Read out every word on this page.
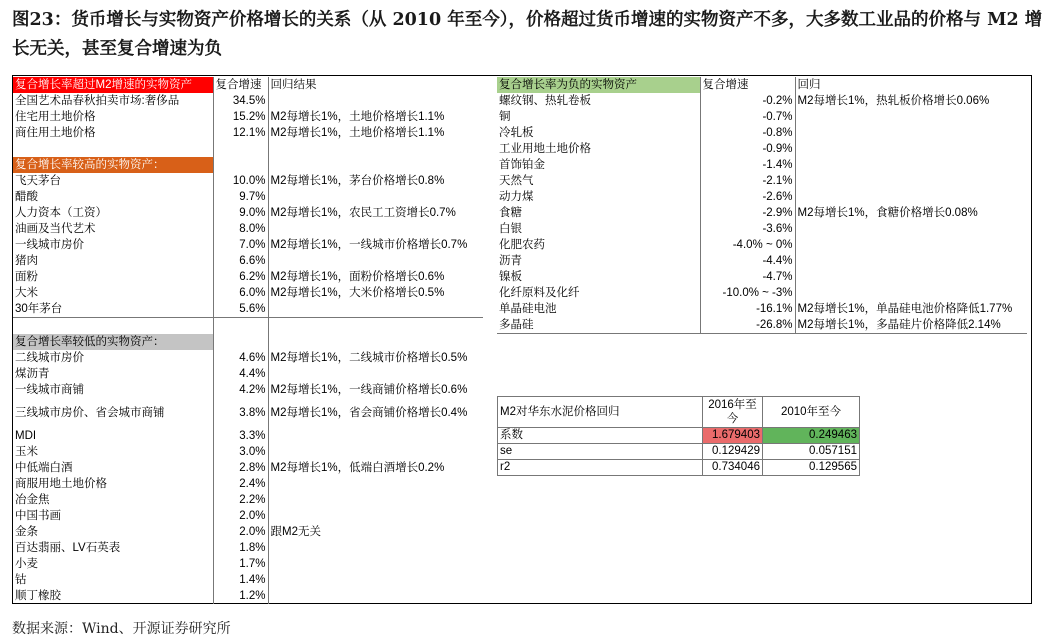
图23：货币增长与实物资产价格增长的关系（从 2010 年至今），价格超过货币增速的实物资产不多，大多数工业品的价格与 M2 增长无关，甚至复合增速为负
复合增长率超过M2增速的实物资产	复合增速	回归结果
全国艺术品春秋拍卖市场:奢侈品	34.5%	
住宅用土地价格	15.2%	M2每增长1%，土地价格增长1.1%
商住用土地价格	12.1%	M2每增长1%，土地价格增长1.1%

复合增长率较高的实物资产：		
飞天茅台	10.0%	M2每增长1%，茅台价格增长0.8%
醋酸	9.7%	
人力资本（工资）	9.0%	M2每增长1%，农民工工资增长0.7%
油画及当代艺术	8.0%	
一线城市房价	7.0%	M2每增长1%，一线城市价格增长0.7%
猪肉	6.6%	
面粉	6.2%	M2每增长1%，面粉价格增长0.6%
大米	6.0%	M2每增长1%，大米价格增长0.5%
30年茅台	5.6%	

复合增长率较低的实物资产：		
二线城市房价	4.6%	M2每增长1%，二线城市价格增长0.5%
煤沥青	4.4%	
一线城市商铺	4.2%	M2每增长1%，一线商铺价格增长0.6%
三线城市房价、省会城市商铺	3.8%	M2每增长1%，省会商铺价格增长0.4%
MDI	3.3%	
玉米	3.0%	
中低端白酒	2.8%	M2每增长1%，低端白酒增长0.2%
商服用地土地价格	2.4%	
冶金焦	2.2%	
中国书画	2.0%	
金条	2.0%	跟M2无关
百达翡丽、LV石英表	1.8%	
小麦	1.7%	
钴	1.4%	
顺丁橡胶	1.2%	
复合增长率为负的实物资产	复合增速	回归
螺纹钢、热轧卷板	-0.2%	M2每增长1%，热轧板价格增长0.06%
铜	-0.7%	
冷轧板	-0.8%	
工业用地土地价格	-0.9%	
首饰铂金	-1.4%	
天然气	-2.1%	
动力煤	-2.6%	
食糖	-2.9%	M2每增长1%，食糖价格增长0.08%
白银	-3.6%	
化肥农药	-4.0% ~ 0%	
沥青	-4.4%	
镍板	-4.7%	
化纤原料及化纤	-10.0% ~ -3%	
单晶硅电池	-16.1%	M2每增长1%，单晶硅电池价格降低1.77%
多晶硅	-26.8%	M2每增长1%，多晶硅片价格降低2.14%
M2对华东水泥价格回归	2016年至今	2010年至今
系数	1.679403	0.249463
se	0.129429	0.057151
r2	0.734046	0.129565
数据来源：Wind、开源证券研究所
